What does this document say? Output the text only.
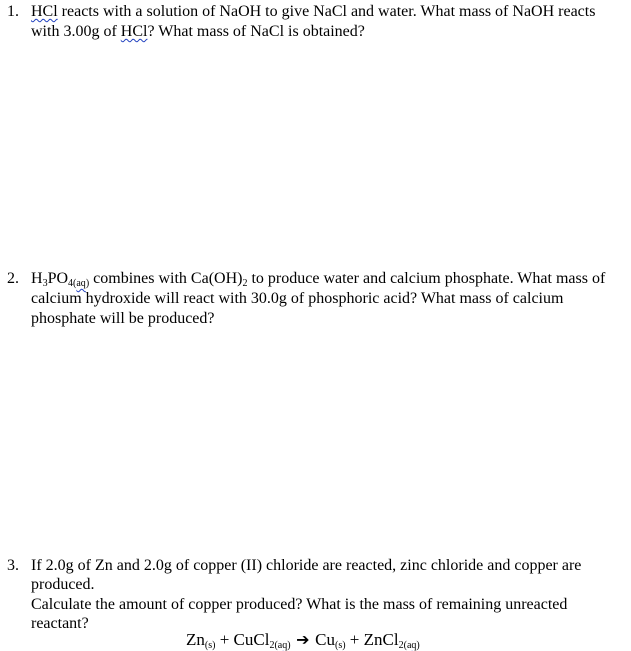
1. HCl reacts with a solution of NaOH to give NaCl and water. What mass of NaOH reacts
with 3.00g of HCl? What mass of NaCl is obtained?
2. H3PO4(aq) combines with Ca(OH)2 to produce water and calcium phosphate. What mass of
calcium hydroxide will react with 30.0g of phosphoric acid? What mass of calcium
phosphate will be produced?
3. If 2.0g of Zn and 2.0g of copper (II) chloride are reacted, zinc chloride and copper are
produced.
Calculate the amount of copper produced? What is the mass of remaining unreacted
reactant?
Zn(s) + CuCl2(aq) ➔ Cu(s) + ZnCl2(aq)
